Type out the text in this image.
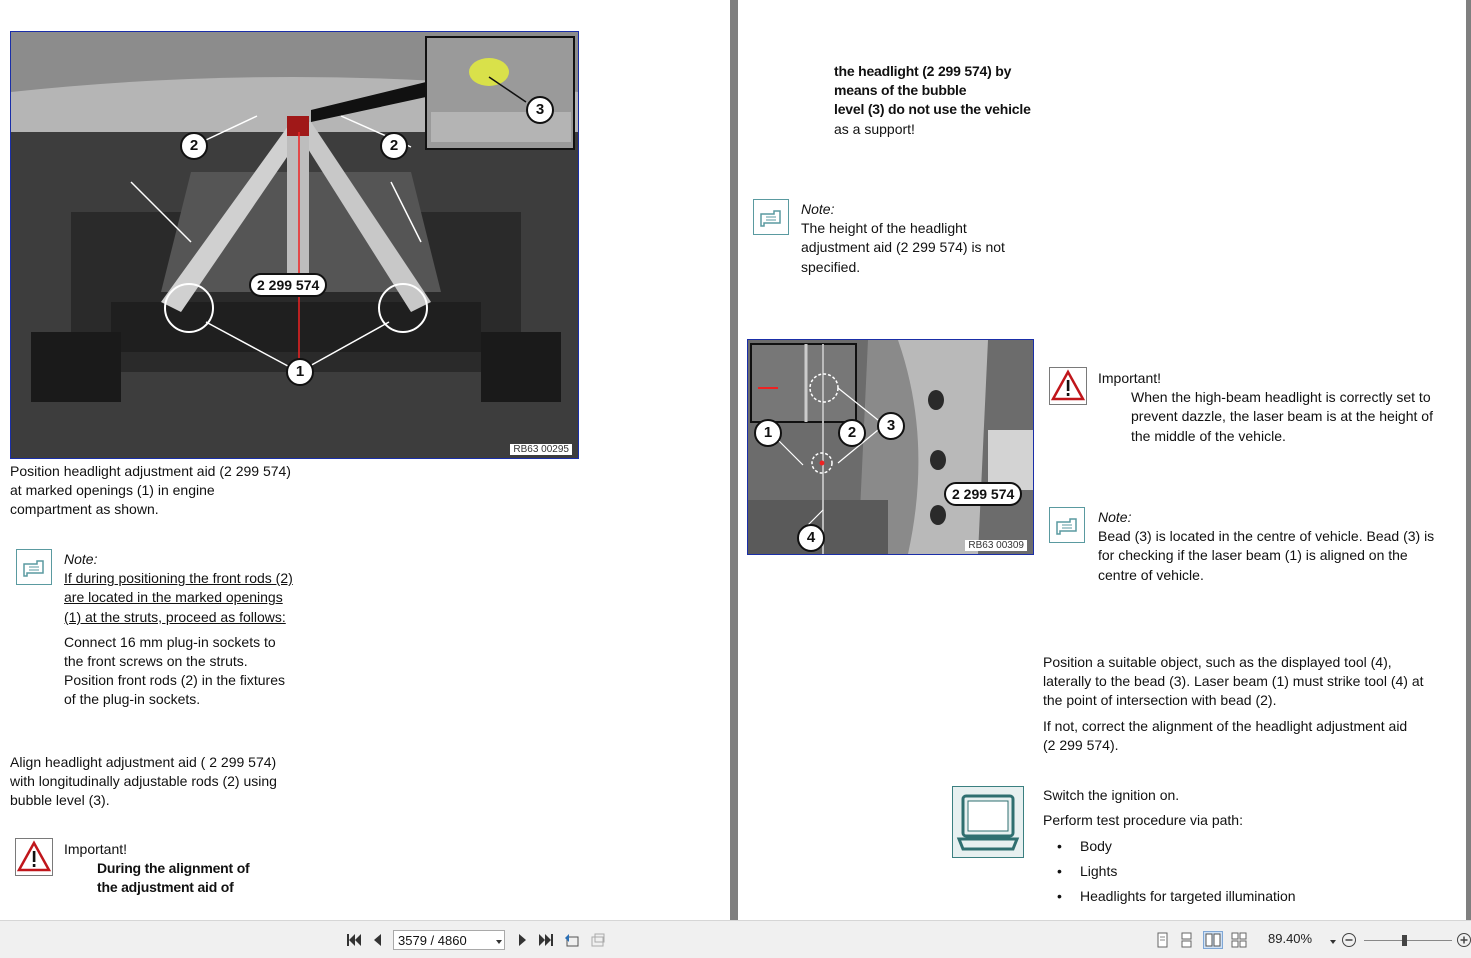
2	2
3
1
2 299 574
RB63 00295
Position headlight adjustment aid (2 299 574)
at marked openings (1) in engine
compartment as shown.
Note:
If during positioning the front rods (2)
are located in the marked openings
(1) at the struts, proceed as follows:
Connect 16 mm plug-in sockets to
the front screws on the struts.
Position front rods (2) in the fixtures
of the plug-in sockets.
Align headlight adjustment aid ( 2 299 574)
with longitudinally adjustable rods (2) using
bubble level (3).
Important!
During the alignment of
the adjustment aid of
the headlight (2 299 574) by
means of the bubble
level (3) do not use the vehicle
as a support!
Note:
The height of the headlight
adjustment aid (2 299 574) is not
specified.
1	2	3
4
2 299 574
RB63 00309
Important!
When the high-beam headlight is correctly set to
prevent dazzle, the laser beam is at the height of
the middle of the vehicle.
Note:
Bead (3) is located in the centre of vehicle. Bead (3) is
for checking if the laser beam (1) is aligned on the
centre of vehicle.
Position a suitable object, such as the displayed tool (4),
laterally to the bead (3). Laser beam (1) must strike tool (4) at
the point of intersection with bead (2).
If not, correct the alignment of the headlight adjustment aid
(2 299 574).
Switch the ignition on.
Perform test procedure via path:
• Body
• Lights
• Headlights for targeted illumination
3579 / 4860	89.40%
